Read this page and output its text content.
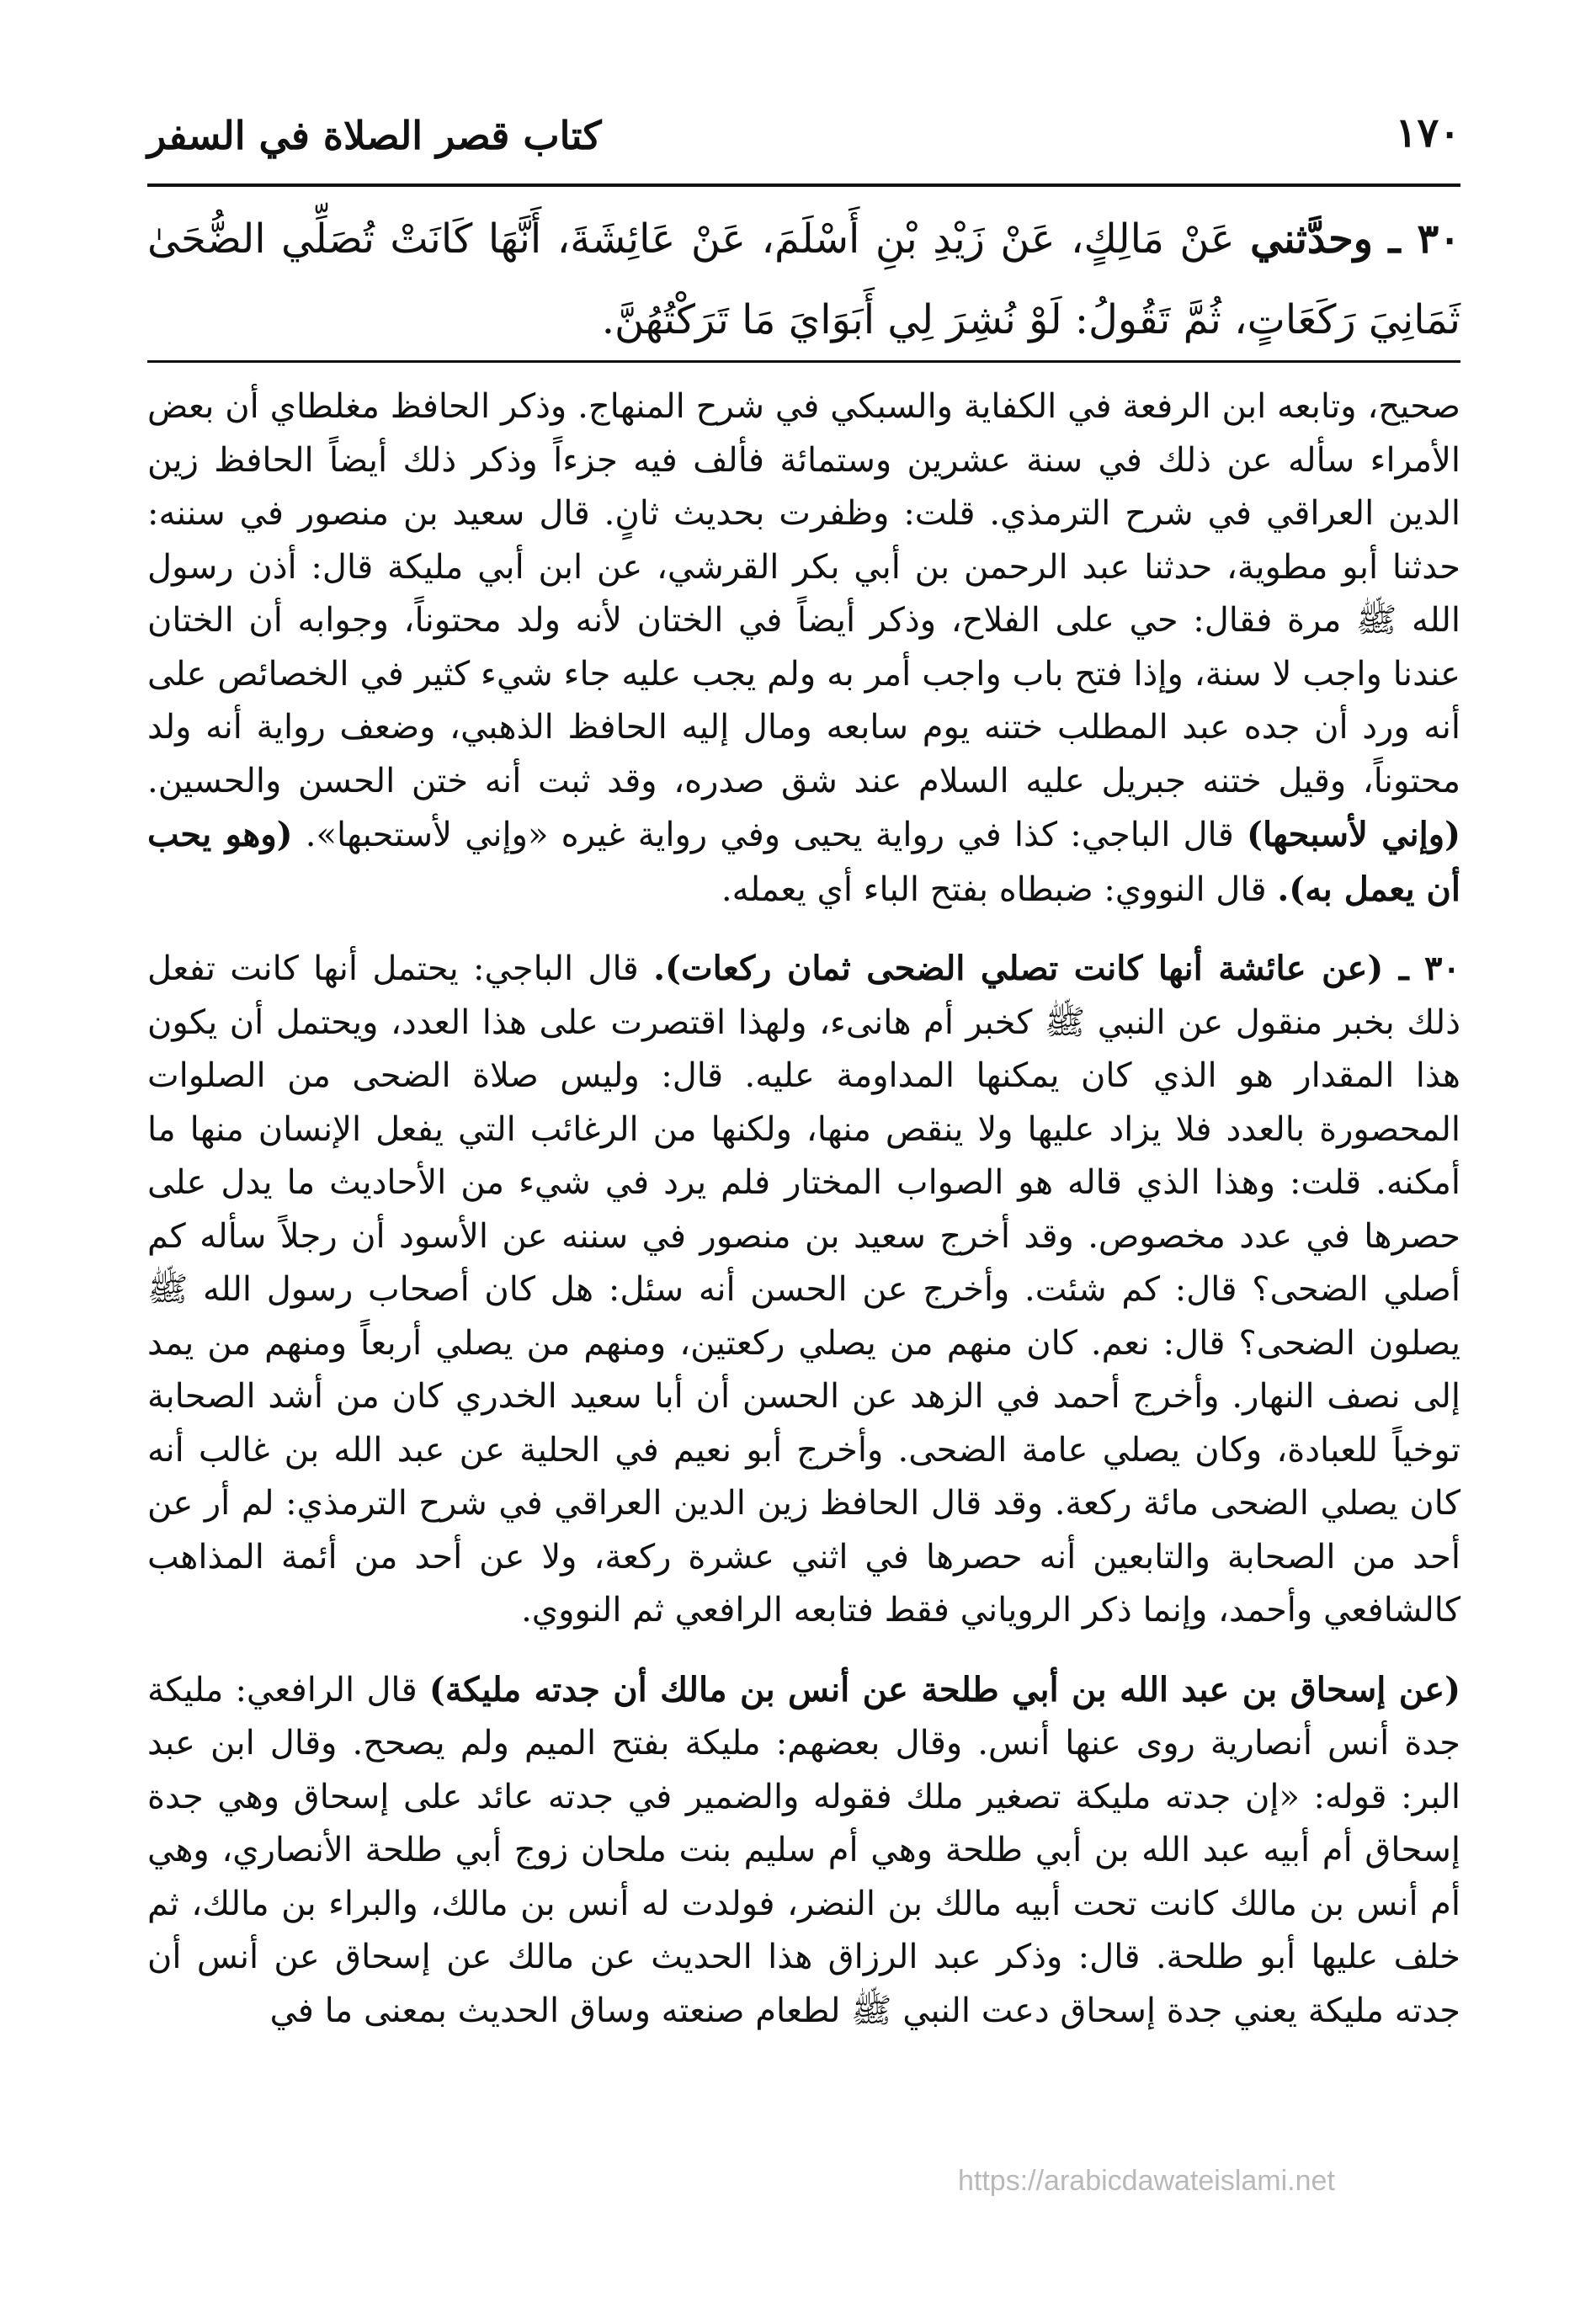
١٧٠
كتاب قصر الصلاة في السفر
٣٠ ـ وحدَّثني عَنْ مَالِكٍ، عَنْ زَيْدِ بْنِ أَسْلَمَ، عَنْ عَائِشَةَ، أَنَّهَا كَانَتْ تُصَلِّي الضُّحَىٰ ثَمَانِيَ رَكَعَاتٍ، ثُمَّ تَقُولُ: لَوْ نُشِرَ لِي أَبَوَايَ مَا تَرَكْتُهُنَّ.

صحيح، وتابعه ابن الرفعة في الكفاية والسبكي في شرح المنهاج. وذكر الحافظ مغلطاي أن بعض الأمراء سأله عن ذلك في سنة عشرين وستمائة فألف فيه جزءاً وذكر ذلك أيضاً الحافظ زين الدين العراقي في شرح الترمذي. قلت: وظفرت بحديث ثانٍ. قال سعيد بن منصور في سننه: حدثنا أبو مطوية، حدثنا عبد الرحمن بن أبي بكر القرشي، عن ابن أبي مليكة قال: أذن رسول الله ﷺ مرة فقال: حي على الفلاح، وذكر أيضاً في الختان لأنه ولد محتوناً، وجوابه أن الختان عندنا واجب لا سنة، وإذا فتح باب واجب أمر به ولم يجب عليه جاء شيء كثير في الخصائص على أنه ورد أن جده عبد المطلب ختنه يوم سابعه ومال إليه الحافظ الذهبي، وضعف رواية أنه ولد محتوناً، وقيل ختنه جبريل عليه السلام عند شق صدره، وقد ثبت أنه ختن الحسن والحسين. (وإني لأسبحها) قال الباجي: كذا في رواية يحيى وفي رواية غيره «وإني لأستحبها». (وهو يحب أن يعمل به). قال النووي: ضبطاه بفتح الباء أي يعمله.

٣٠ ـ (عن عائشة أنها كانت تصلي الضحى ثمان ركعات). قال الباجي: يحتمل أنها كانت تفعل ذلك بخبر منقول عن النبي ﷺ كخبر أم هانىء، ولهذا اقتصرت على هذا العدد، ويحتمل أن يكون هذا المقدار هو الذي كان يمكنها المداومة عليه. قال: وليس صلاة الضحى من الصلوات المحصورة بالعدد فلا يزاد عليها ولا ينقص منها، ولكنها من الرغائب التي يفعل الإنسان منها ما أمكنه. قلت: وهذا الذي قاله هو الصواب المختار فلم يرد في شيء من الأحاديث ما يدل على حصرها في عدد مخصوص. وقد أخرج سعيد بن منصور في سننه عن الأسود أن رجلاً سأله كم أصلي الضحى؟ قال: كم شئت. وأخرج عن الحسن أنه سئل: هل كان أصحاب رسول الله ﷺ يصلون الضحى؟ قال: نعم. كان منهم من يصلي ركعتين، ومنهم من يصلي أربعاً ومنهم من يمد إلى نصف النهار. وأخرج أحمد في الزهد عن الحسن أن أبا سعيد الخدري كان من أشد الصحابة توخياً للعبادة، وكان يصلي عامة الضحى. وأخرج أبو نعيم في الحلية عن عبد الله بن غالب أنه كان يصلي الضحى مائة ركعة. وقد قال الحافظ زين الدين العراقي في شرح الترمذي: لم أر عن أحد من الصحابة والتابعين أنه حصرها في اثني عشرة ركعة، ولا عن أحد من أئمة المذاهب كالشافعي وأحمد، وإنما ذكر الروياني فقط فتابعه الرافعي ثم النووي.

(عن إسحاق بن عبد الله بن أبي طلحة عن أنس بن مالك أن جدته مليكة) قال الرافعي: مليكة جدة أنس أنصارية روى عنها أنس. وقال بعضهم: مليكة بفتح الميم ولم يصحح. وقال ابن عبد البر: قوله: «إن جدته مليكة تصغير ملك فقوله والضمير في جدته عائد على إسحاق وهي جدة إسحاق أم أبيه عبد الله بن أبي طلحة وهي أم سليم بنت ملحان زوج أبي طلحة الأنصاري، وهي أم أنس بن مالك كانت تحت أبيه مالك بن النضر، فولدت له أنس بن مالك، والبراء بن مالك، ثم خلف عليها أبو طلحة. قال: وذكر عبد الرزاق هذا الحديث عن مالك عن إسحاق عن أنس أن جدته مليكة يعني جدة إسحاق دعت النبي ﷺ لطعام صنعته وساق الحديث بمعنى ما في

https://arabicdawateislami.net
